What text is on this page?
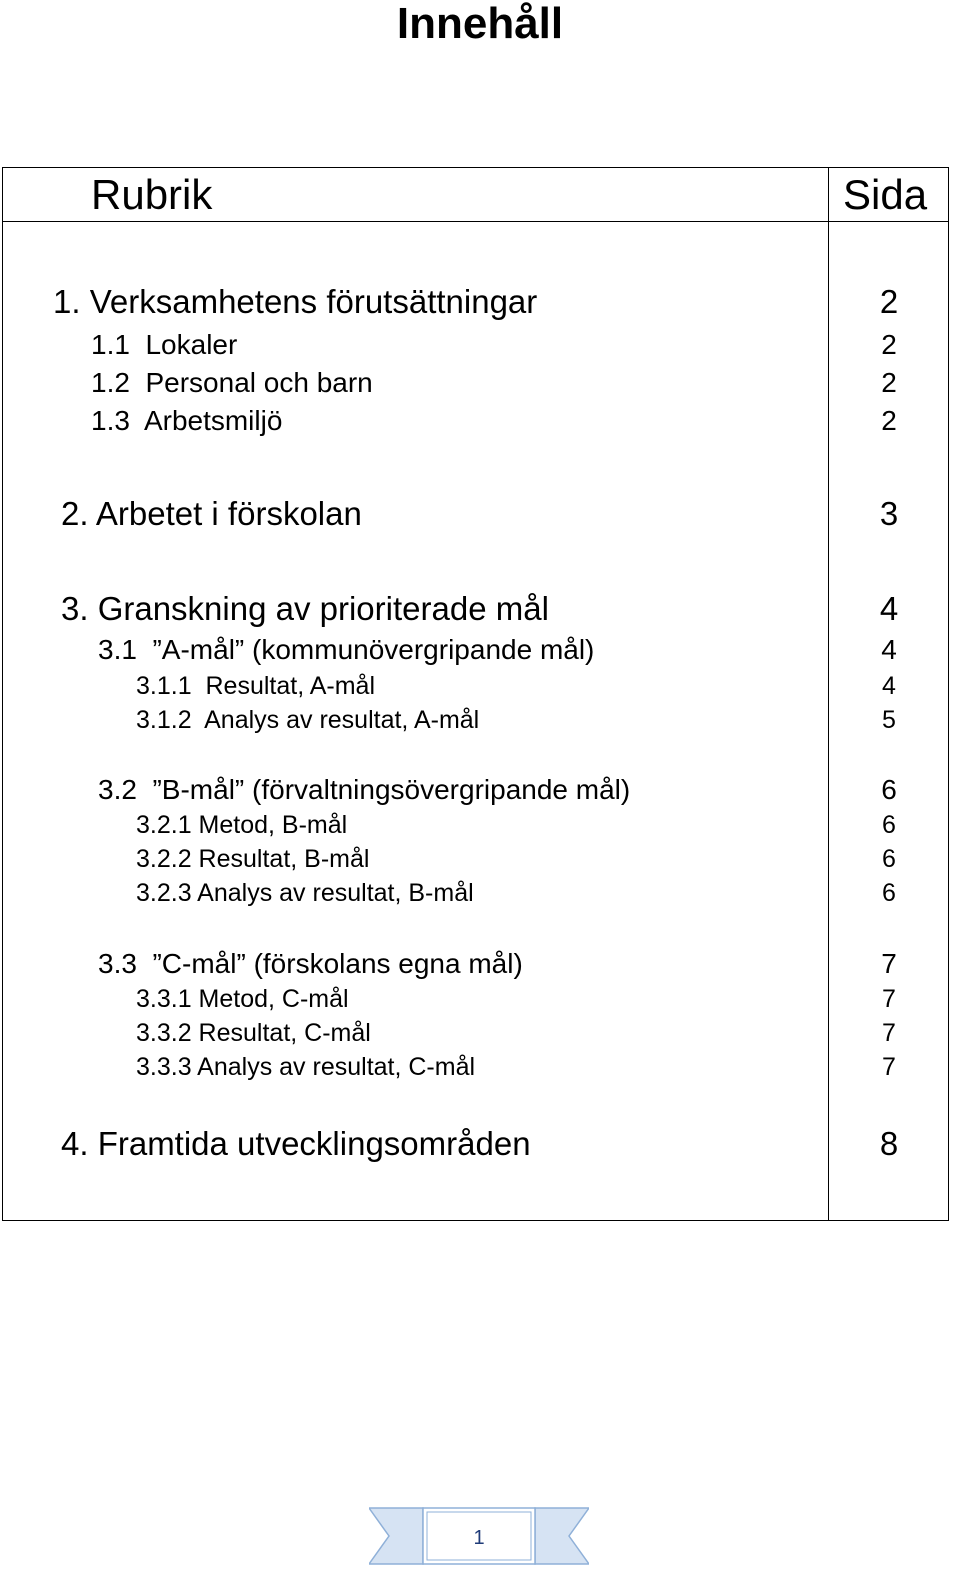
Innehåll
Rubrik	Sida
1. Verksamhetens förutsättningar	2
1.1  Lokaler	2
1.2  Personal och barn	2
1.3  Arbetsmiljö	2
2. Arbetet i förskolan	3
3. Granskning av prioriterade mål	4
3.1  ”A-mål” (kommunövergripande mål)	4
3.1.1  Resultat, A-mål	4
3.1.2  Analys av resultat, A-mål	5
3.2  ”B-mål” (förvaltningsövergripande mål)	6
3.2.1 Metod, B-mål	6
3.2.2 Resultat, B-mål	6
3.2.3 Analys av resultat, B-mål	6
3.3  ”C-mål” (förskolans egna mål)	7
3.3.1 Metod, C-mål	7
3.3.2 Resultat, C-mål	7
3.3.3 Analys av resultat, C-mål	7
4. Framtida utvecklingsområden	8
1
